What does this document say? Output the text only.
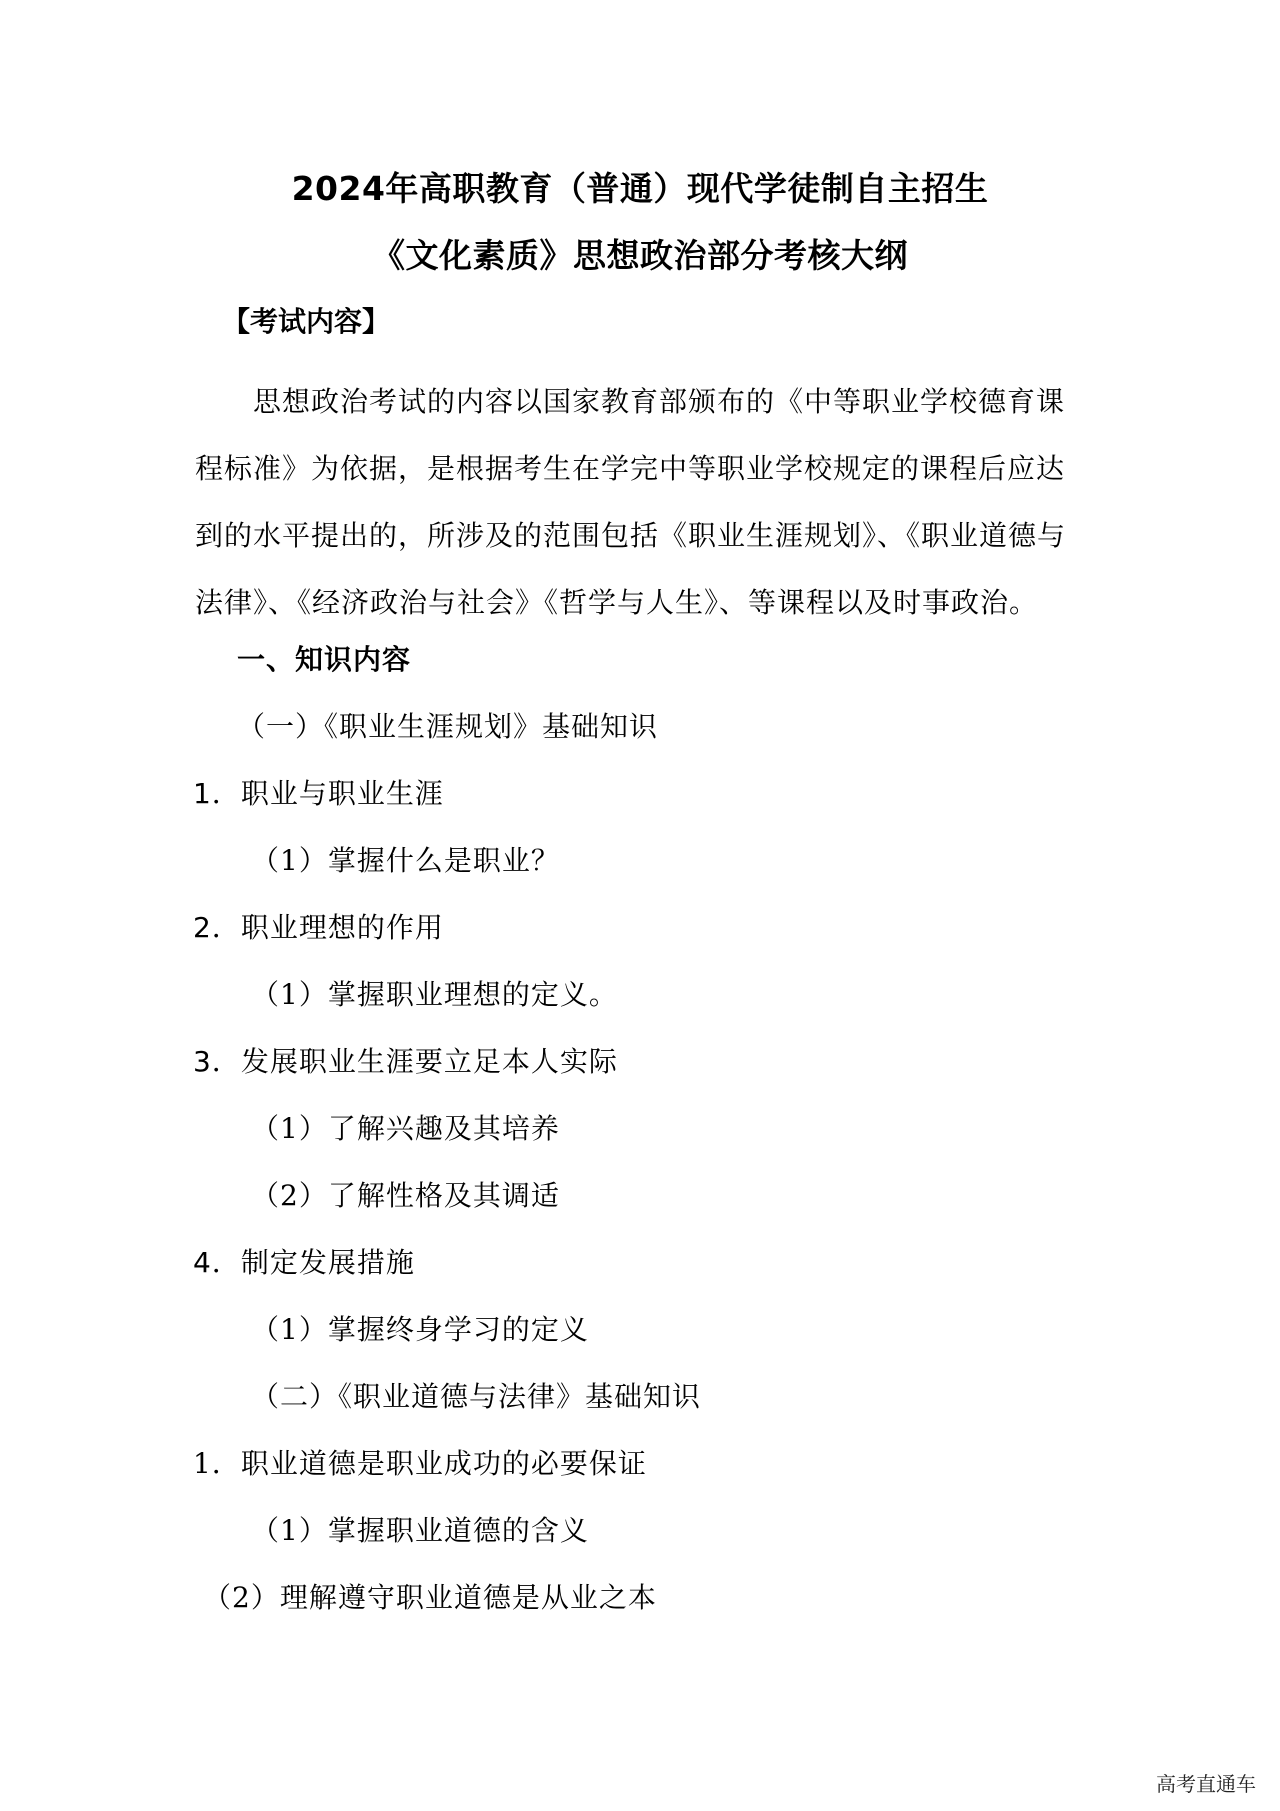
2024年高职教育（普通）现代学徒制自主招生
《文化素质》思想政治部分考核大纲
【考试内容】
思想政治考试的内容以国家教育部颁布的《中等职业学校德育课
程标准》为依据，是根据考生在学完中等职业学校规定的课程后应达
到的水平提出的，所涉及的范围包括《职业生涯规划》、《职业道德与
法律》、《经济政治与社会》《哲学与人生》、等课程以及时事政治。
一、知识内容
（一）《职业生涯规划》基础知识
1．职业与职业生涯
（1）掌握什么是职业？
2．职业理想的作用
（1）掌握职业理想的定义。
3．发展职业生涯要立足本人实际
（1）了解兴趣及其培养
（2）了解性格及其调适
4．制定发展措施
（1）掌握终身学习的定义
（二）《职业道德与法律》基础知识
1．职业道德是职业成功的必要保证
（1）掌握职业道德的含义
（2）理解遵守职业道德是从业之本
高考直通车
